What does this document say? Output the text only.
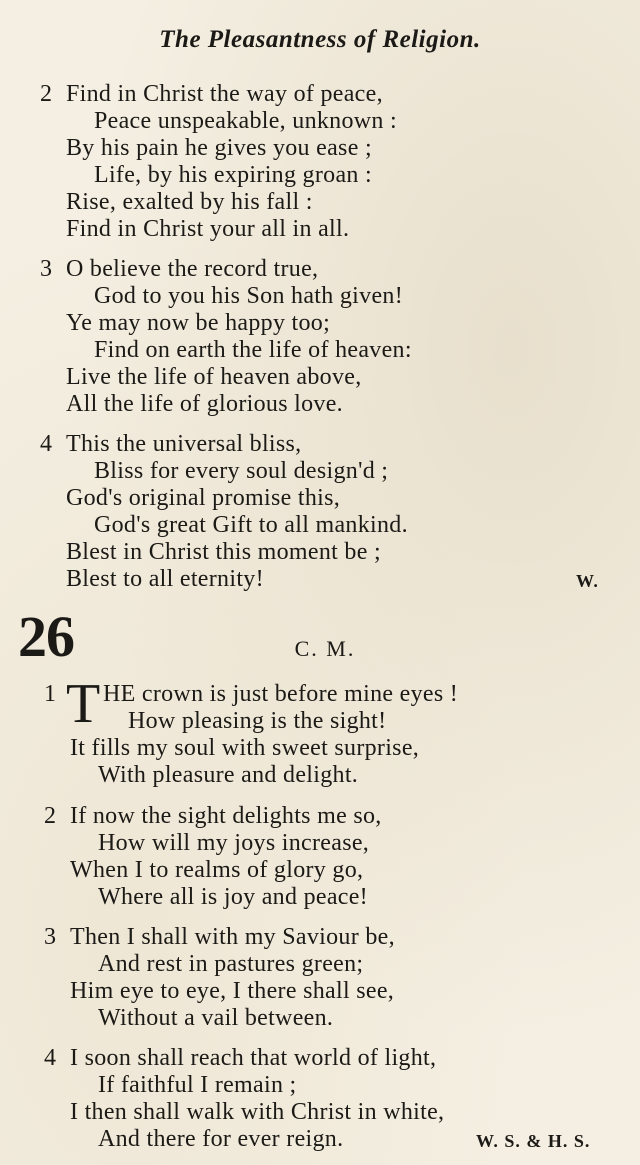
The Pleasantness of Religion.
2 Find in Christ the way of peace,
Peace unspeakable, unknown :
By his pain he gives you ease ;
Life, by his expiring groan :
Rise, exalted by his fall :
Find in Christ your all in all.
3 O believe the record true,
God to you his Son hath given!
Ye may now be happy too;
Find on earth the life of heaven:
Live the life of heaven above,
All the life of glorious love.
4 This the universal bliss,
Bliss for every soul design'd ;
God's original promise this,
God's great Gift to all mankind.
Blest in Christ this moment be ;
Blest to all eternity!	W.
26	C. M.
1 T HE crown is just before mine eyes !
How pleasing is the sight!
It fills my soul with sweet surprise,
With pleasure and delight.
2 If now the sight delights me so,
How will my joys increase,
When I to realms of glory go,
Where all is joy and peace!
3 Then I shall with my Saviour be,
And rest in pastures green;
Him eye to eye, I there shall see,
Without a vail between.
4 I soon shall reach that world of light,
If faithful I remain ;
I then shall walk with Christ in white,
And there for ever reign.	W. S. & H. S.
